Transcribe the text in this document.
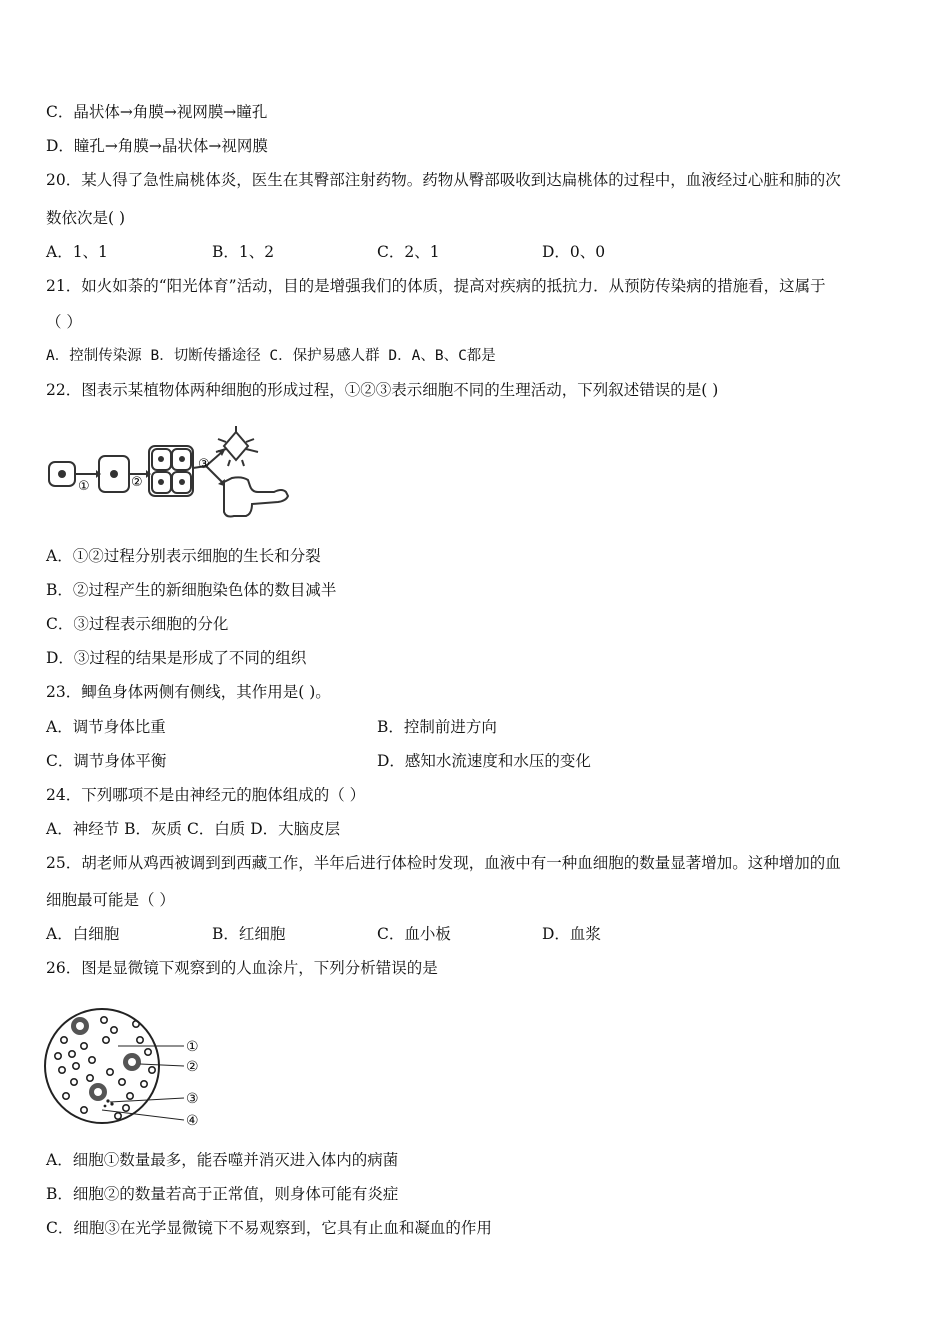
C．晶状体→角膜→视网膜→瞳孔
D．瞳孔→角膜→晶状体→视网膜
20．某人得了急性扁桃体炎，医生在其臀部注射药物。药物从臀部吸收到达扁桃体的过程中，血液经过心脏和肺的次
数依次是( )
A．1、1	B．1、2	C．2、1	D．0、0
21．如火如荼的“阳光体育”活动，目的是增强我们的体质，提高对疾病的抵抗力．从预防传染病的措施看，这属于
（ ）
A．控制传染源 B．切断传播途径 C．保护易感人群 D．A、B、C都是
22．图表示某植物体两种细胞的形成过程，①②③表示细胞不同的生理活动，下列叙述错误的是( )
①	②
③
A．①②过程分别表示细胞的生长和分裂
B．②过程产生的新细胞染色体的数目减半
C．③过程表示细胞的分化
D．③过程的结果是形成了不同的组织
23．鲫鱼身体两侧有侧线，其作用是( )。
A．调节身体比重	B．控制前进方向
C．调节身体平衡	D．感知水流速度和水压的变化
24．下列哪项不是由神经元的胞体组成的（ ）
A．神经节 B．灰质 C．白质 D．大脑皮层
25．胡老师从鸡西被调到到西藏工作，半年后进行体检时发现，血液中有一种血细胞的数量显著增加。这种增加的血
细胞最可能是（ ）
A．白细胞	B．红细胞	C．血小板	D．血浆
26．图是显微镜下观察到的人血涂片，下列分析错误的是
①
②
③
④
A．细胞①数量最多，能吞噬并消灭进入体内的病菌
B．细胞②的数量若高于正常值，则身体可能有炎症
C．细胞③在光学显微镜下不易观察到，它具有止血和凝血的作用
